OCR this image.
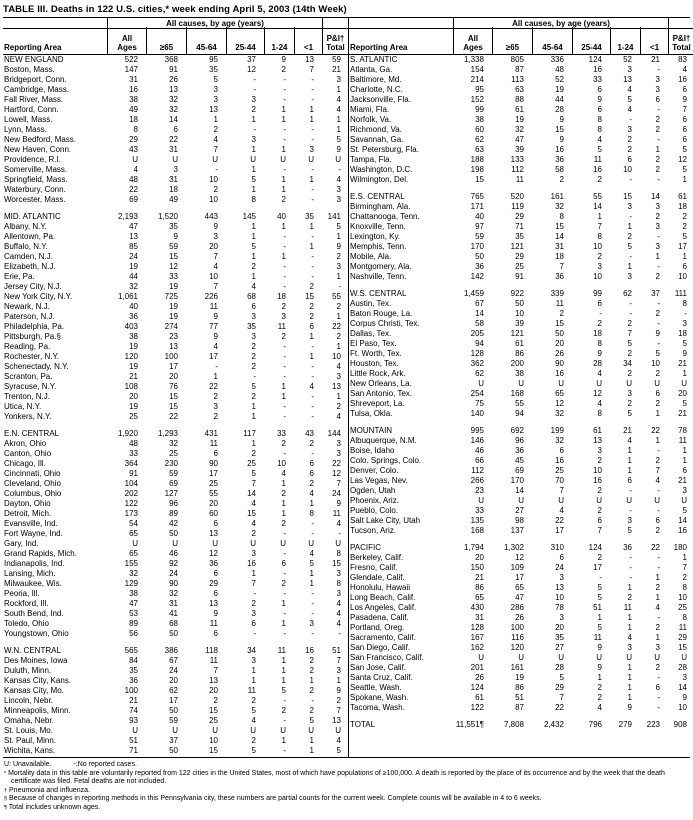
TABLE III. Deaths in 122 U.S. cities,* week ending April 5, 2003 (14th Week)
All causes, by age (years)
Reporting Area
All
Ages	≥65	45-64	25-44	1-24	<1
P&I†
Total
NEW ENGLAND	522	368	95	37	9	13	59
Boston, Mass.	147	91	35	12	2	7	21
Bridgeport, Conn.	31	26	5	-	-	-	3
Cambridge, Mass.	16	13	3	-	-	-	1
Fall River, Mass.	38	32	3	3	-	-	4
Hartford, Conn.	49	32	13	2	1	1	4
Lowell, Mass.	18	14	1	1	1	1	1
Lynn, Mass.	8	6	2	-	-	-	1
New Bedford, Mass.	29	22	4	3	-	-	5
New Haven, Conn.	43	31	7	1	1	3	9
Providence, R.I.	U	U	U	U	U	U	U
Somerville, Mass.	4	3	-	1	-	-	-
Springfield, Mass.	48	31	10	5	1	1	4
Waterbury, Conn.	22	18	2	1	1	-	3
Worcester, Mass.	69	49	10	8	2	-	3
MID. ATLANTIC	2,193	1,520	443	145	40	35	141
Albany, N.Y.	47	35	9	1	1	1	5
Allentown, Pa.	13	9	3	1	-	-	1
Buffalo, N.Y.	85	59	20	5	-	1	9
Camden, N.J.	24	15	7	1	1	-	2
Elizabeth, N.J.	19	12	4	2	-	-	3
Erie, Pa.	44	33	10	1	-	-	1
Jersey City, N.J.	32	19	7	4	-	2	-
New York City, N.Y.	1,061	725	226	68	18	15	55
Newark, N.J.	40	19	11	6	2	2	2
Paterson, N.J.	36	19	9	3	3	2	1
Philadelphia, Pa.	403	274	77	35	11	6	22
Pittsburgh, Pa.§	38	23	9	3	2	1	2
Reading, Pa.	19	13	4	2	-	-	1
Rochester, N.Y.	120	100	17	2	-	1	10
Schenectady, N.Y.	19	17	-	2	-	-	4
Scranton, Pa.	21	20	1	-	-	-	3
Syracuse, N.Y.	108	76	22	5	1	4	13
Trenton, N.J.	20	15	2	2	1	-	1
Utica, N.Y.	19	15	3	1	-	-	2
Yonkers, N.Y.	25	22	2	1	-	-	4
E.N. CENTRAL	1,920	1,293	431	117	33	43	144
Akron, Ohio	48	32	11	1	2	2	3
Canton, Ohio	33	25	6	2	-	-	3
Chicago, Ill.	364	230	90	25	10	6	22
Cincinnati, Ohio	91	59	17	5	4	6	12
Cleveland, Ohio	104	69	25	7	1	2	7
Columbus, Ohio	202	127	55	14	2	4	24
Dayton, Ohio	122	96	20	4	1	1	9
Detroit, Mich.	173	89	60	15	1	8	11
Evansville, Ind.	54	42	6	4	2	-	4
Fort Wayne, Ind.	65	50	13	2	-	-	-
Gary, Ind.	U	U	U	U	U	U	U
Grand Rapids, Mich.	65	46	12	3	-	4	8
Indianapolis, Ind.	155	92	36	16	6	5	15
Lansing, Mich.	32	24	6	1	-	1	3
Milwaukee, Wis.	129	90	29	7	2	1	8
Peoria, Ill.	38	32	6	-	-	-	3
Rockford, Ill.	47	31	13	2	1	-	4
South Bend, Ind.	53	41	9	3	-	-	4
Toledo, Ohio	89	68	11	6	1	3	4
Youngstown, Ohio	56	50	6	-	-	-	-
W.N. CENTRAL	565	386	118	34	11	16	51
Des Moines, Iowa	84	67	11	3	1	2	7
Duluth, Minn.	35	24	7	1	1	2	3
Kansas City, Kans.	36	20	13	1	1	1	1
Kansas City, Mo.	100	62	20	11	5	2	9
Lincoln, Nebr.	21	17	2	2	-	-	2
Minneapolis, Minn.	74	50	15	5	2	2	7
Omaha, Nebr.	93	59	25	4	-	5	13
St. Louis, Mo.	U	U	U	U	U	U	U
St. Paul, Minn.	51	37	10	2	1	1	4
Wichita, Kans.	71	50	15	5	-	1	5
All causes, by age (years)
Reporting Area
All
Ages	≥65	45-64	25-44	1-24	<1
P&I†
Total
S. ATLANTIC	1,338	805	336	124	52	21	83
Atlanta, Ga.	154	87	48	16	3	-	4
Baltimore, Md.	214	113	52	33	13	3	16
Charlotte, N.C.	95	63	19	6	4	3	6
Jacksonville, Fla.	152	88	44	9	5	6	9
Miami, Fla.	99	61	28	6	4	-	7
Norfolk, Va.	38	19	9	8	-	2	6
Richmond, Va.	60	32	15	8	3	2	6
Savannah, Ga.	62	47	9	4	2	-	6
St. Petersburg, Fla.	63	39	16	5	2	1	5
Tampa, Fla.	188	133	36	11	6	2	12
Washington, D.C.	198	112	58	16	10	2	5
Wilmington, Del.	15	11	2	2	-	-	1
E.S. CENTRAL	765	520	161	55	15	14	61
Birmingham, Ala.	171	119	32	14	3	3	18
Chattanooga, Tenn.	40	29	8	1	-	2	2
Knoxville, Tenn.	97	71	15	7	1	3	2
Lexington, Ky.	59	35	14	8	2	-	5
Memphis, Tenn.	170	121	31	10	5	3	17
Mobile, Ala.	50	29	18	2	-	1	1
Montgomery, Ala.	36	25	7	3	1	-	6
Nashville, Tenn.	142	91	36	10	3	2	10
W.S. CENTRAL	1,459	922	339	99	62	37	111
Austin, Tex.	67	50	11	6	-	-	8
Baton Rouge, La.	14	10	2	-	-	2	-
Corpus Christi, Tex.	58	39	15	2	2	-	3
Dallas, Tex.	205	121	50	18	7	9	18
El Paso, Tex.	94	61	20	8	5	-	5
Ft. Worth, Tex.	128	86	26	9	2	5	9
Houston, Tex.	362	200	90	28	34	10	21
Little Rock, Ark.	62	38	16	4	2	2	1
New Orleans, La.	U	U	U	U	U	U	U
San Antonio, Tex.	254	168	65	12	3	6	20
Shreveport, La.	75	55	12	4	2	2	5
Tulsa, Okla.	140	94	32	8	5	1	21
MOUNTAIN	995	692	199	61	21	22	78
Albuquerque, N.M.	146	96	32	13	4	1	11
Boise, Idaho	46	36	6	3	1	-	1
Colo. Springs, Colo.	66	45	16	2	1	2	1
Denver, Colo.	112	69	25	10	1	7	6
Las Vegas, Nev.	266	170	70	16	6	4	21
Ogden, Utah	23	14	7	2	-	-	3
Phoenix, Ariz.	U	U	U	U	U	U	U
Pueblo, Colo.	33	27	4	2	-	-	5
Salt Lake City, Utah	135	98	22	6	3	6	14
Tucson, Ariz.	168	137	17	7	5	2	16
PACIFIC	1,794	1,302	310	124	36	22	180
Berkeley, Calif.	20	12	6	2	-	-	1
Fresno, Calif.	150	109	24	17	-	-	7
Glendale, Calif.	21	17	3	-	-	1	2
Honolulu, Hawaii	86	65	13	5	1	2	8
Long Beach, Calif.	65	47	10	5	2	1	10
Los Angeles, Calif.	430	286	78	51	11	4	25
Pasadena, Calif.	31	26	3	1	1	-	8
Portland, Oreg.	128	100	20	5	1	2	11
Sacramento, Calif.	167	116	35	11	4	1	29
San Diego, Calif.	162	120	27	9	3	3	15
San Francisco, Calif.	U	U	U	U	U	U	U
San Jose, Calif.	201	161	28	9	1	2	28
Santa Cruz, Calif.	26	19	5	1	1	-	3
Seattle, Wash.	124	86	29	2	1	6	14
Spokane, Wash.	61	51	7	2	1	-	9
Tacoma, Wash.	122	87	22	4	9	-	10
TOTAL	11,551¶	7,808	2,432	796	279	223	908
U: Unavailable.	-:No reported cases.
* Mortality data in this table are voluntarily reported from 122 cities in the United States, most of which have populations of ≥100,000. A death is reported by the place of its occurrence and by the week that the death certificate was filed. Fetal deaths are not included.
† Pneumonia and influenza.
§ Because of changes in reporting methods in this Pennsylvania city, these numbers are partial counts for the current week. Complete counts will be available in 4 to 6 weeks.
¶ Total includes unknown ages.
